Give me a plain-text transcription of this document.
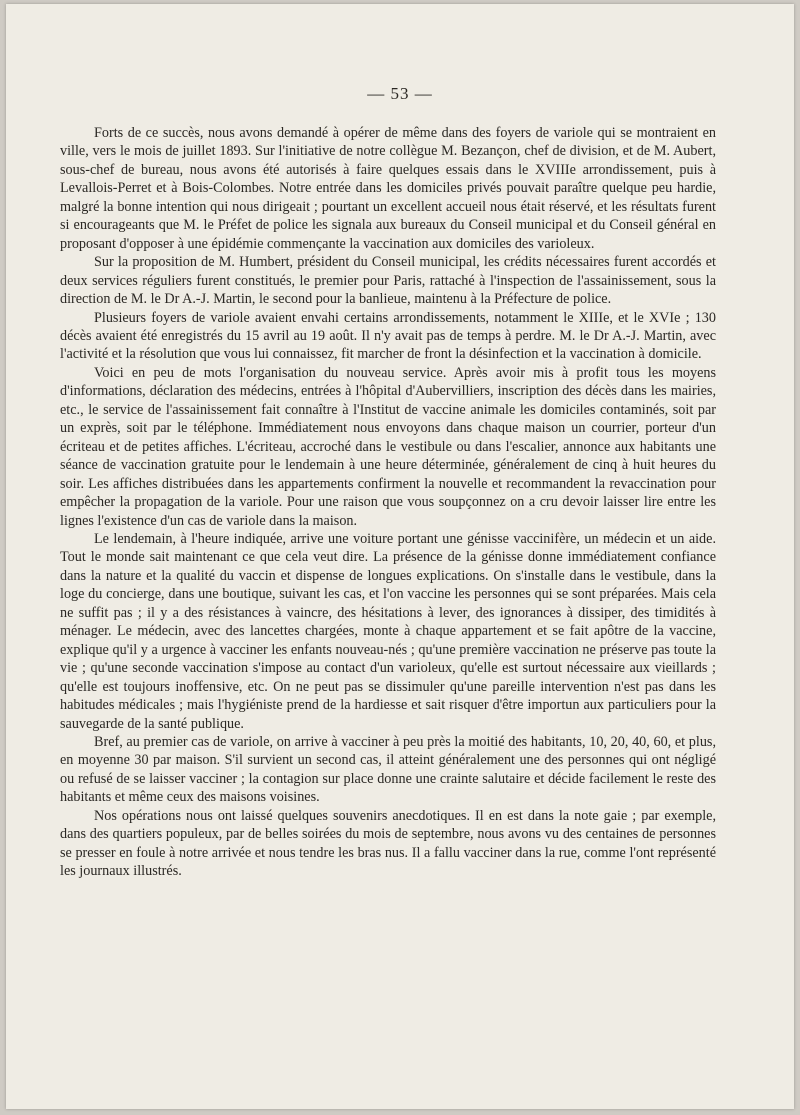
— 53 —

Forts de ce succès, nous avons demandé à opérer de même dans des foyers de variole qui se montraient en ville, vers le mois de juillet 1893. Sur l'initiative de notre collègue M. Bezançon, chef de division, et de M. Aubert, sous-chef de bureau, nous avons été autorisés à faire quelques essais dans le XVIIIe arrondissement, puis à Levallois-Perret et à Bois-Colombes. Notre entrée dans les domiciles privés pouvait paraître quelque peu hardie, malgré la bonne intention qui nous dirigeait ; pourtant un excellent accueil nous était réservé, et les résultats furent si encourageants que M. le Préfet de police les signala aux bureaux du Conseil municipal et du Conseil général en proposant d'opposer à une épidémie commençante la vaccination aux domiciles des varioleux.

Sur la proposition de M. Humbert, président du Conseil municipal, les crédits nécessaires furent accordés et deux services réguliers furent constitués, le premier pour Paris, rattaché à l'inspection de l'assainissement, sous la direction de M. le Dr A.-J. Martin, le second pour la banlieue, maintenu à la Préfecture de police.

Plusieurs foyers de variole avaient envahi certains arrondissements, notamment le XIIIe, et le XVIe ; 130 décès avaient été enregistrés du 15 avril au 19 août. Il n'y avait pas de temps à perdre. M. le Dr A.-J. Martin, avec l'activité et la résolution que vous lui connaissez, fit marcher de front la désinfection et la vaccination à domicile.

Voici en peu de mots l'organisation du nouveau service. Après avoir mis à profit tous les moyens d'informations, déclaration des médecins, entrées à l'hôpital d'Aubervilliers, inscription des décès dans les mairies, etc., le service de l'assainissement fait connaître à l'Institut de vaccine animale les domiciles contaminés, soit par un exprès, soit par le téléphone. Immédiatement nous envoyons dans chaque maison un courrier, porteur d'un écriteau et de petites affiches. L'écriteau, accroché dans le vestibule ou dans l'escalier, annonce aux habitants une séance de vaccination gratuite pour le lendemain à une heure déterminée, généralement de cinq à huit heures du soir. Les affiches distribuées dans les appartements confirment la nouvelle et recommandent la revaccination pour empêcher la propagation de la variole. Pour une raison que vous soupçonnez on a cru devoir laisser lire entre les lignes l'existence d'un cas de variole dans la maison.

Le lendemain, à l'heure indiquée, arrive une voiture portant une génisse vaccinifère, un médecin et un aide. Tout le monde sait maintenant ce que cela veut dire. La présence de la génisse donne immédiatement confiance dans la nature et la qualité du vaccin et dispense de longues explications. On s'installe dans le vestibule, dans la loge du concierge, dans une boutique, suivant les cas, et l'on vaccine les personnes qui se sont préparées. Mais cela ne suffit pas ; il y a des résistances à vaincre, des hésitations à lever, des ignorances à dissiper, des timidités à ménager. Le médecin, avec des lancettes chargées, monte à chaque appartement et se fait apôtre de la vaccine, explique qu'il y a urgence à vacciner les enfants nouveau-nés ; qu'une première vaccination ne préserve pas toute la vie ; qu'une seconde vaccination s'impose au contact d'un varioleux, qu'elle est surtout nécessaire aux vieillards ; qu'elle est toujours inoffensive, etc. On ne peut pas se dissimuler qu'une pareille intervention n'est pas dans les habitudes médicales ; mais l'hygiéniste prend de la hardiesse et sait risquer d'être importun aux particuliers pour la sauvegarde de la santé publique.

Bref, au premier cas de variole, on arrive à vacciner à peu près la moitié des habitants, 10, 20, 40, 60, et plus, en moyenne 30 par maison. S'il survient un second cas, il atteint généralement une des personnes qui ont négligé ou refusé de se laisser vacciner ; la contagion sur place donne une crainte salutaire et décide facilement le reste des habitants et même ceux des maisons voisines.

Nos opérations nous ont laissé quelques souvenirs anecdotiques. Il en est dans la note gaie ; par exemple, dans des quartiers populeux, par de belles soirées du mois de septembre, nous avons vu des centaines de personnes se presser en foule à notre arrivée et nous tendre les bras nus. Il a fallu vacciner dans la rue, comme l'ont représenté les journaux illustrés.
